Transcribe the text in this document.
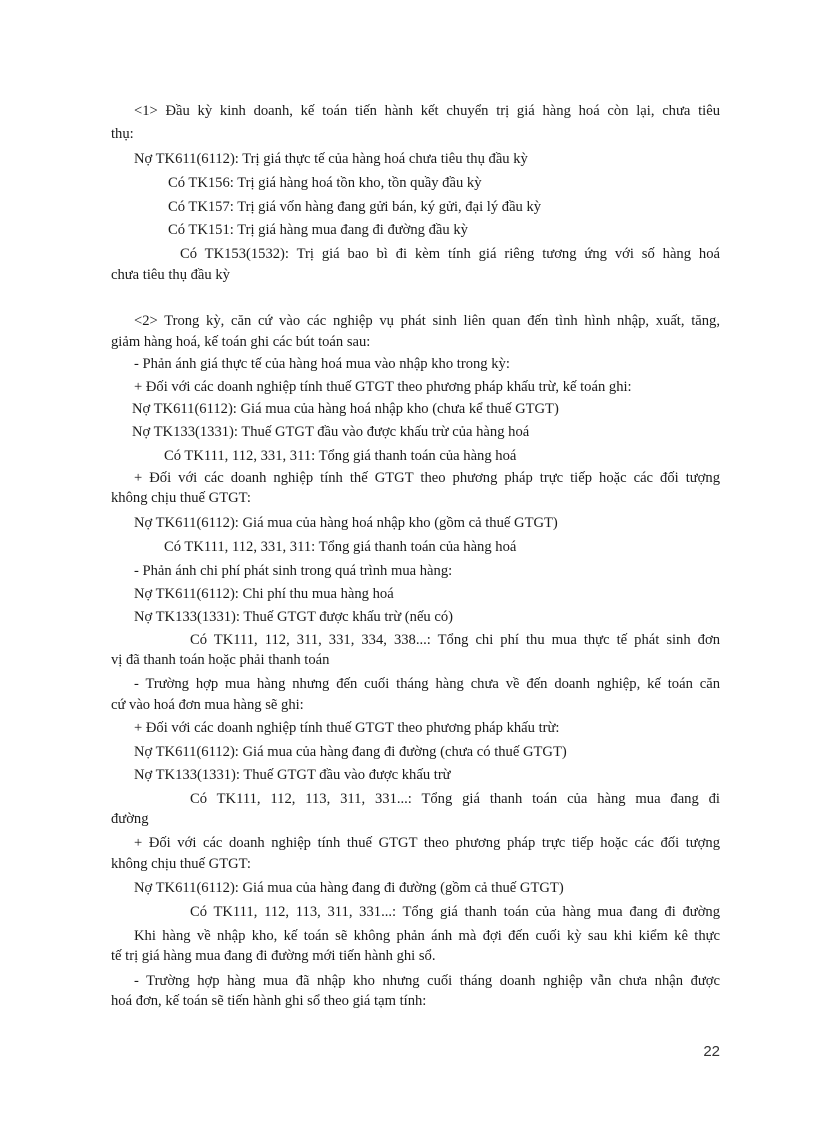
<1> Đầu kỳ kinh doanh, kế toán tiến hành kết chuyển trị giá hàng hoá còn lại, chưa tiêu
thụ:
Nợ TK611(6112): Trị giá thực tế của hàng hoá chưa tiêu thụ đầu kỳ
Có TK156: Trị giá hàng hoá tồn kho, tồn quầy đầu kỳ
Có TK157: Trị giá vốn hàng đang gửi bán, ký gửi, đại lý đầu kỳ
Có TK151: Trị giá hàng mua đang đi đường đầu kỳ
Có TK153(1532): Trị giá bao bì đi kèm tính giá riêng tương ứng với số hàng hoá
chưa tiêu thụ đầu kỳ
<2> Trong kỳ, căn cứ vào các nghiệp vụ phát sinh liên quan đến tình hình nhập, xuất, tăng,
giảm hàng hoá, kế toán ghi các bút toán sau:
- Phản ánh giá thực tế của hàng hoá mua vào nhập kho trong kỳ:
+ Đối với các doanh nghiệp tính thuế GTGT theo phương pháp khấu trừ, kế toán ghi:
Nợ TK611(6112): Giá mua của hàng hoá nhập kho (chưa kể thuế GTGT)
Nợ TK133(1331): Thuế GTGT đầu vào được khấu trừ của hàng hoá
Có TK111, 112, 331, 311: Tổng giá thanh toán của hàng hoá
+ Đối với các doanh nghiệp tính thế GTGT theo phương pháp trực tiếp hoặc các đối tượng
không chịu thuế GTGT:
Nợ TK611(6112): Giá mua của hàng hoá nhập kho (gồm cả thuế GTGT)
Có TK111, 112, 331, 311: Tổng giá thanh toán của hàng hoá
- Phản ánh chi phí phát sinh trong quá trình mua hàng:
Nợ TK611(6112): Chi phí thu mua hàng hoá
Nợ TK133(1331): Thuế GTGT được khấu trừ (nếu có)
Có TK111, 112, 311, 331, 334, 338...: Tổng chi phí thu mua thực tế phát sinh đơn
vị đã thanh toán hoặc phải thanh toán
- Trường hợp mua hàng nhưng đến cuối tháng hàng chưa về đến doanh nghiệp, kế toán căn
cứ vào hoá đơn mua hàng sẽ ghi:
+ Đối với các doanh nghiệp tính thuế GTGT theo phương pháp khấu trừ:
Nợ TK611(6112): Giá mua của hàng đang đi đường (chưa có thuế GTGT)
Nợ TK133(1331): Thuế GTGT đầu vào được khấu trừ
Có TK111, 112, 113, 311, 331...: Tổng giá thanh toán của hàng mua đang đi
đường
+ Đối với các doanh nghiệp tính thuế GTGT theo phương pháp trực tiếp hoặc các đối tượng
không chịu thuế GTGT:
Nợ TK611(6112): Giá mua của hàng đang đi đường (gồm cả thuế GTGT)
Có TK111, 112, 113, 311, 331...: Tổng giá thanh toán của hàng mua đang đi đường
Khi hàng về nhập kho, kế toán sẽ không phản ánh mà đợi đến cuối kỳ sau khi kiểm kê thực
tế trị giá hàng mua đang đi đường mới tiến hành ghi sổ.
- Trường hợp hàng mua đã nhập kho nhưng cuối tháng doanh nghiệp vẫn chưa nhận được
hoá đơn, kế toán sẽ tiến hành ghi sổ theo giá tạm tính:
22
